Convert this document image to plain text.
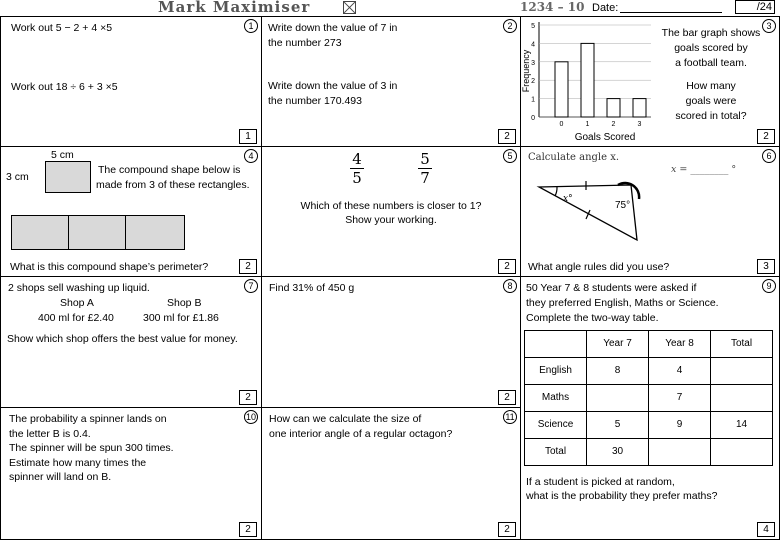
Mark Maximiser	1234 – 10 Date:	/24
1
Work out 5 − 2 + 4 ×5
Work out 18 ÷ 6 + 3 ×5
1
2
Write down the value of 7 in
the number 273
Write down the value of 3 in
the number 170.493
2
3
0
1
2
3
4
5
0	1	2	3
Frequency
Goals Scored
The bar graph shows
goals scored by
a football team.
How many
goals were
scored in total?
2
4
5 cm
3 cm
The compound shape below is
made from 3 of these rectangles.
What is this compound shape’s perimeter?	2
5
$\frac{4}{5}$	$\frac{5}{7}$
Which of these numbers is closer to 1?
Show your working.
2
6
Calculate angle x.
x = ________ °
x°
75°
What angle rules did you use?	3
7
2 shops sell washing up liquid.
Shop A	Shop B
400 ml for £2.40	300 ml for £1.86
Show which shop offers the best value for money.
2
8
Find 31% of 450 g
2
9
50 Year 7 & 8 students were asked if
they preferred English, Maths or Science.
Complete the two-way table.
	Year 7	Year 8	Total
English	8	4	
Maths		7	
Science	5	9	14
Total	30		
If a student is picked at random,
what is the probability they prefer maths?
4
10
The probability a spinner lands on
the letter B is 0.4.
The spinner will be spun 300 times.
Estimate how many times the
spinner will land on B.
2
11
How can we calculate the size of
one interior angle of a regular octagon?
2
